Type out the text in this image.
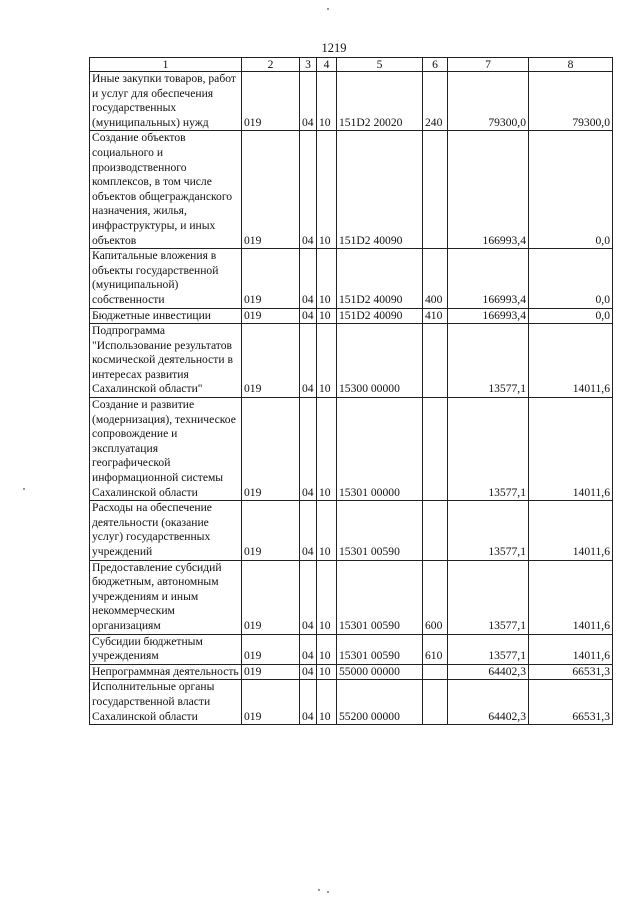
1219
1	2	3	4	5	6	7	8
Иные закупки товаров, работ и услуг для обеспечения государственных (муниципальных) нужд	019	04	10	151D2 20020	240	79300,0	79300,0
Создание объектов социального и производственного комплексов, в том числе объектов общегражданского назначения, жилья, инфраструктуры, и иных объектов	019	04	10	151D2 40090		166993,4	0,0
Капитальные вложения в объекты государственной (муниципальной) собственности	019	04	10	151D2 40090	400	166993,4	0,0
Бюджетные инвестиции	019	04	10	151D2 40090	410	166993,4	0,0
Подпрограмма "Использование результатов космической деятельности в интересах развития Сахалинской области"	019	04	10	15300 00000		13577,1	14011,6
Создание и развитие (модернизация), техническое сопровождение и эксплуатация географической информационной системы Сахалинской области	019	04	10	15301 00000		13577,1	14011,6
Расходы на обеспечение деятельности (оказание услуг) государственных учреждений	019	04	10	15301 00590		13577,1	14011,6
Предоставление субсидий бюджетным, автономным учреждениям и иным некоммерческим организациям	019	04	10	15301 00590	600	13577,1	14011,6
Субсидии бюджетным учреждениям	019	04	10	15301 00590	610	13577,1	14011,6
Непрограммная деятельность	019	04	10	55000 00000		64402,3	66531,3
Исполнительные органы государственной власти Сахалинской области	019	04	10	55200 00000		64402,3	66531,3
